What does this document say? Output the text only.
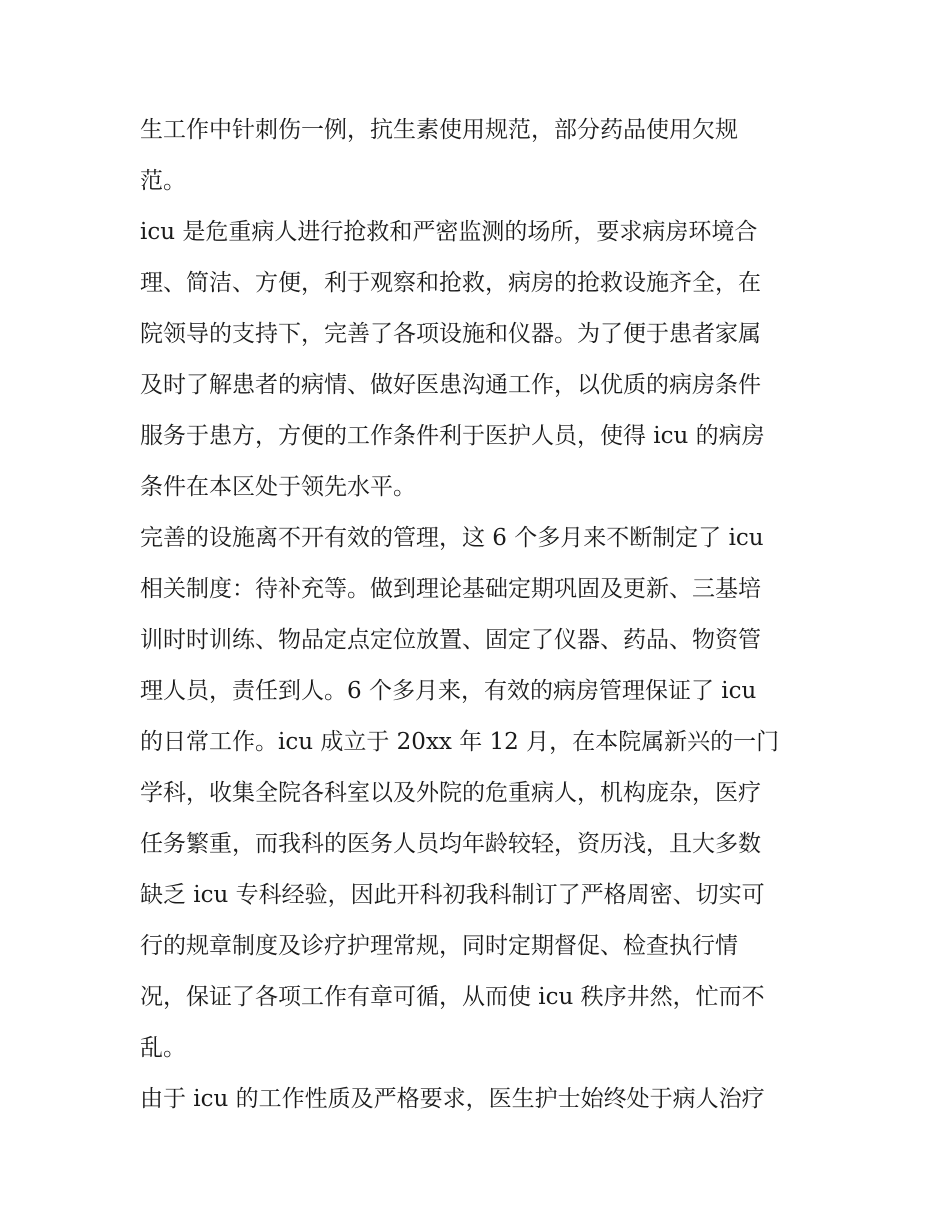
生工作中针刺伤一例，抗生素使用规范，部分药品使用欠规
范。
icu 是危重病人进行抢救和严密监测的场所，要求病房环境合
理、简洁、方便，利于观察和抢救，病房的抢救设施齐全，在
院领导的支持下，完善了各项设施和仪器。为了便于患者家属
及时了解患者的病情、做好医患沟通工作，以优质的病房条件
服务于患方，方便的工作条件利于医护人员，使得 icu 的病房
条件在本区处于领先水平。
完善的设施离不开有效的管理，这 6 个多月来不断制定了 icu
相关制度：待补充等。做到理论基础定期巩固及更新、三基培
训时时训练、物品定点定位放置、固定了仪器、药品、物资管
理人员，责任到人。6 个多月来，有效的病房管理保证了 icu
的日常工作。icu 成立于 20xx 年 12 月，在本院属新兴的一门
学科，收集全院各科室以及外院的危重病人，机构庞杂，医疗
任务繁重，而我科的医务人员均年龄较轻，资历浅，且大多数
缺乏 icu 专科经验，因此开科初我科制订了严格周密、切实可
行的规章制度及诊疗护理常规，同时定期督促、检查执行情
况，保证了各项工作有章可循，从而使 icu 秩序井然，忙而不
乱。
由于 icu 的工作性质及严格要求，医生护士始终处于病人治疗
